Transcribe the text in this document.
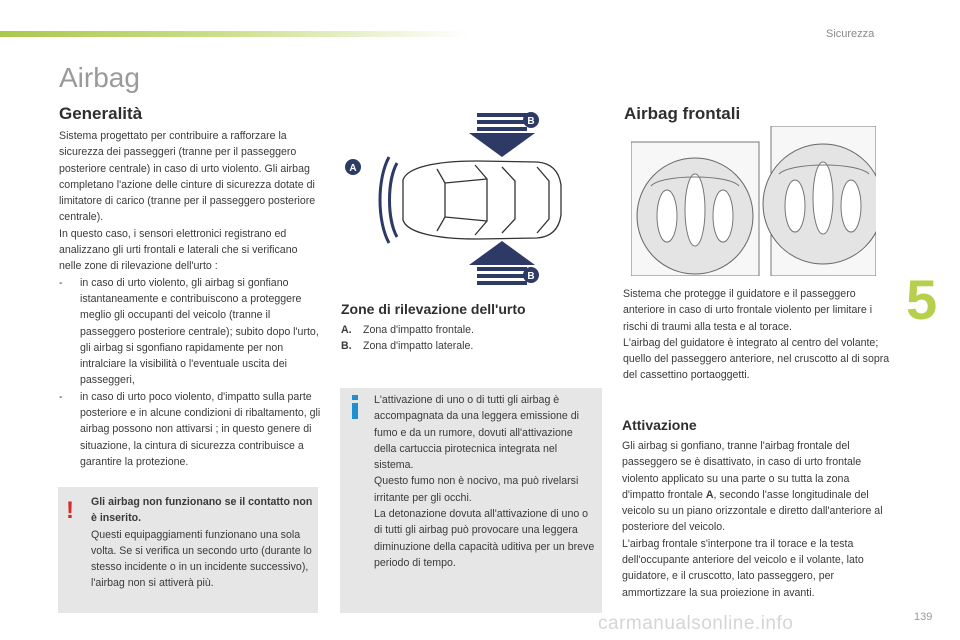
Sicurezza
5
139
Airbag
Generalità

Sistema progettato per contribuire a rafforzare la sicurezza dei passeggeri (tranne per il passeggero posteriore centrale) in caso di urto violento. Gli airbag completano l'azione delle cinture di sicurezza dotate di limitatore di carico (tranne per il passeggero posteriore centrale).

In questo caso, i sensori elettronici registrano ed analizzano gli urti frontali e laterali che si verificano nelle zone di rilevazione dell'urto :

-	in caso di urto violento, gli airbag si gonfiano istantaneamente e contribuiscono a proteggere meglio gli occupanti del veicolo (tranne il passeggero posteriore centrale); subito dopo l'urto, gli airbag si sgonfiano rapidamente per non intralciare la visibilità o l'eventuale uscita dei passeggeri,
-	in caso di urto poco violento, d'impatto sulla parte posteriore e in alcune condizioni di ribaltamento, gli airbag possono non attivarsi ; in questo genere di situazione, la cintura di sicurezza contribuisce a garantire la protezione.
! Gli airbag non funzionano se il contatto non è inserito.
Questi equipaggiamenti funzionano una sola volta. Se si verifica un secondo urto (durante lo stesso incidente o in un incidente successivo), l'airbag non si attiverà più.
B
A
B
Zone di rilevazione dell'urto
A.	Zona d'impatto frontale.
B.	Zona d'impatto laterale.
L'attivazione di uno o di tutti gli airbag è accompagnata da una leggera emissione di fumo e da un rumore, dovuti all'attivazione della cartuccia pirotecnica integrata nel sistema.
Questo fumo non è nocivo, ma può rivelarsi irritante per gli occhi.
La detonazione dovuta all'attivazione di uno o di tutti gli airbag può provocare una leggera diminuzione della capacità uditiva per un breve periodo di tempo.
Airbag frontali

Sistema che protegge il guidatore e il passeggero anteriore in caso di urto frontale violento per limitare i rischi di traumi alla testa e al torace.

L'airbag del guidatore è integrato al centro del volante; quello del passeggero anteriore, nel cruscotto al di sopra del cassettino portaoggetti.

Attivazione

Gli airbag si gonfiano, tranne l'airbag frontale del passeggero se è disattivato, in caso di urto frontale violento applicato su una parte o su tutta la zona d'impatto frontale A, secondo l'asse longitudinale del veicolo su un piano orizzontale e diretto dall'anteriore al posteriore del veicolo.

L'airbag frontale s'interpone tra il torace e la testa dell'occupante anteriore del veicolo e il volante, lato guidatore, e il cruscotto, lato passeggero, per ammortizzare la sua proiezione in avanti.

carmanualsonline.info
